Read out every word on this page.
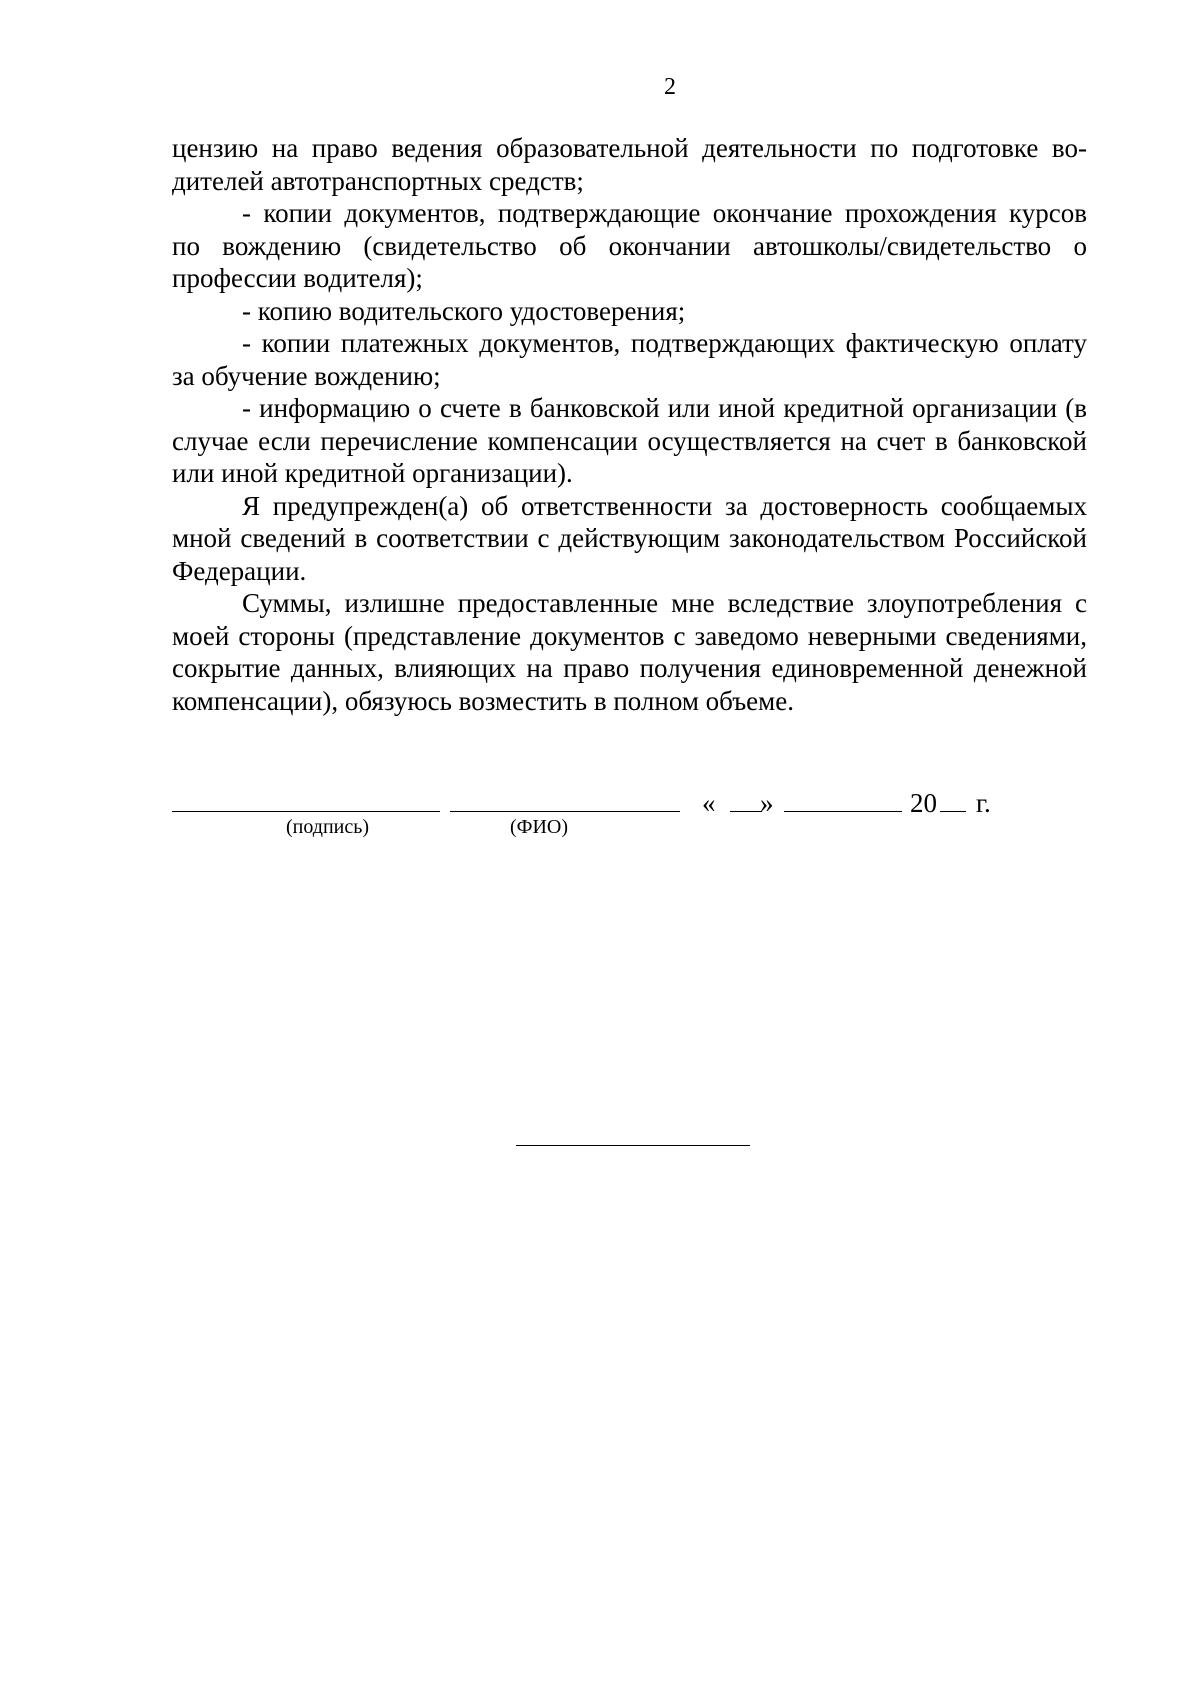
2

цензию на право ведения образовательной деятельности по подготовке водителей автотранспортных средств;

- копии документов, подтверждающие окончание прохождения курсов по вождению (свидетельство об окончании автошколы/свидетельство о профессии водителя);

- копию водительского удостоверения;

- копии платежных документов, подтверждающих фактическую оплату за обучение вождению;

- информацию о счете в банковской или иной кредитной организации (в случае если перечисление компенсации осуществляется на счет в банковской или иной кредитной организации).

Я предупрежден(а) об ответственности за достоверность сообщаемых мной сведений в соответствии с действующим законодательством Российской Федерации.

Суммы, излишне предоставленные мне вследствие злоупотребления с моей стороны (представление документов с заведомо неверными сведениями, сокрытие данных, влияющих на право получения единовременной денежной компенсации), обязуюсь возместить в полном объеме.

« »	20 г.
(подпись)	(ФИО)
